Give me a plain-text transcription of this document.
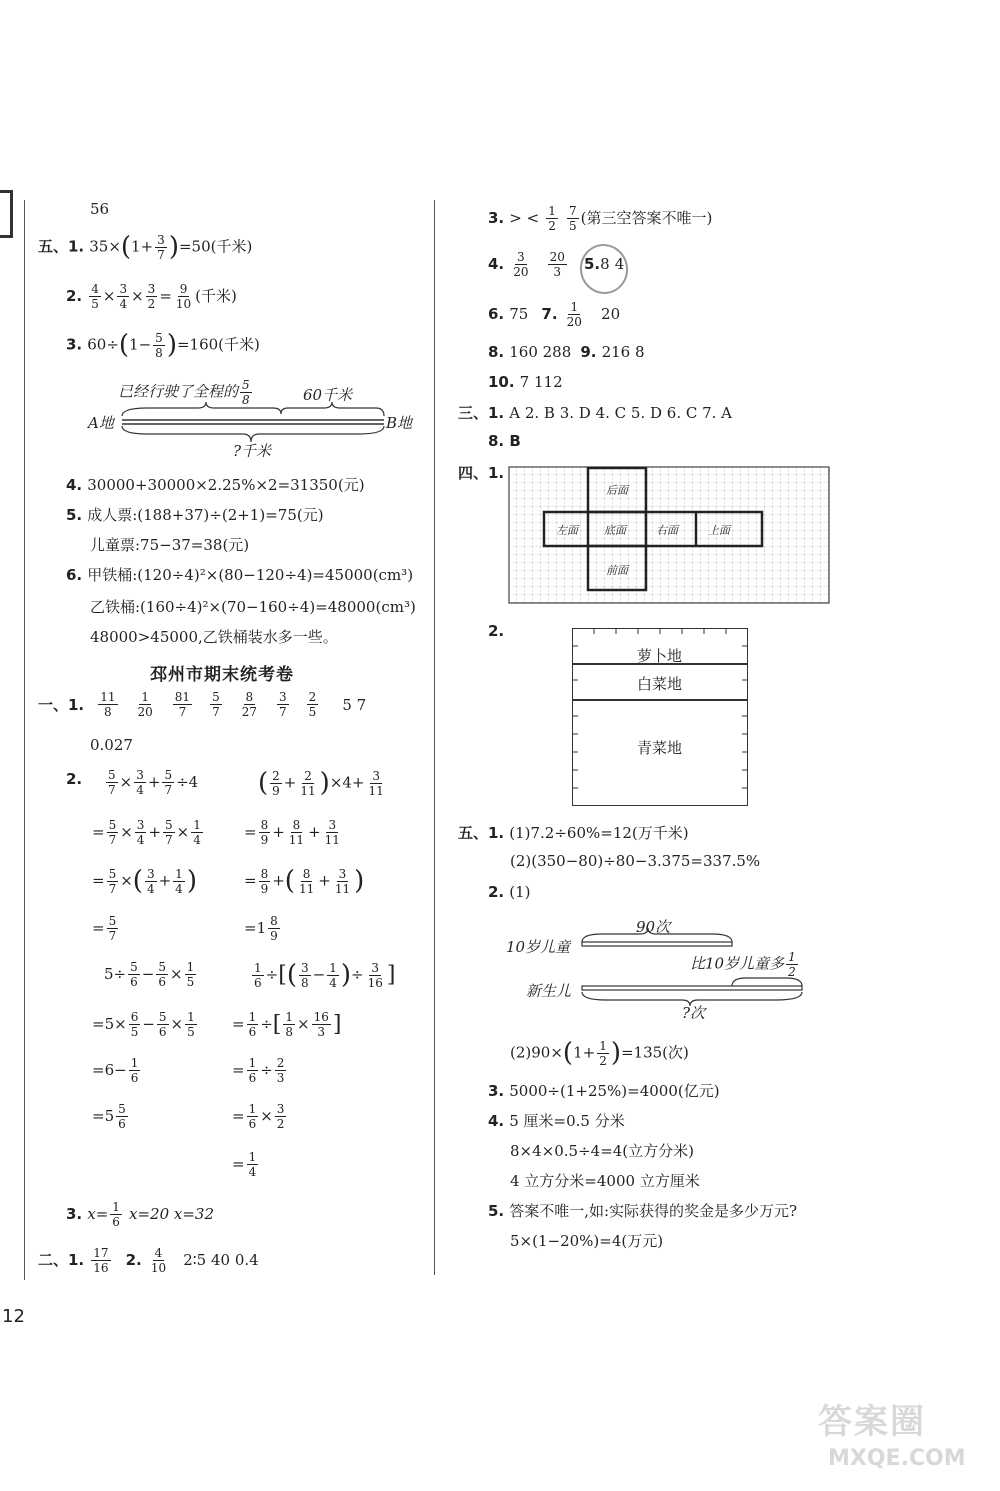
56
五、1. $35\times(1+ \frac{3}{7} )=50$(千米)
2. $\frac{4}{5} \times \frac{3}{4} \times \frac{3}{2} = \frac{9}{10}$ (千米)
3. $60\div(1- \frac{5}{8} )=160$(千米)
已经行驶了全程的 $\frac{5}{8}$	60千米
A地	B地
?千米
4. 30000+30000×2.25%×2=31350(元)
5. 成人票:(188+37)÷(2+1)=75(元)
儿童票:75−37=38(元)
6. 甲铁桶:(120÷4)²×(80−120÷4)=45000(cm³)
乙铁桶:(160÷4)²×(70−160÷4)=48000(cm³)
48000>45000,乙铁桶装水多一些。
邳州市期末统考卷
一、1. $\frac{11}{8} \frac{1}{20} \frac{81}{7} \frac{5}{7} \frac{8}{27} \frac{3}{7} \frac{2}{5} 5$ 7
0.027
2. $\frac{5}{7} \times \frac{3}{4} + \frac{5}{7} \div 4$ ( $\frac{2}{9} + \frac{2}{11} )\times 4+ \frac{3}{11}$
= $\frac{5}{7} \times \frac{3}{4} + \frac{5}{7} \times \frac{1}{4}$	= $\frac{8}{9} + \frac{8}{11} + \frac{3}{11}$
= $\frac{5}{7}$ ×( $\frac{3}{4} + \frac{1}{4}$ )	= $\frac{8}{9}$ +( $\frac{8}{11} + \frac{3}{11}$ )
= $\frac{5}{7}$	$=1 \frac{8}{9}$
$5\div \frac{5}{6} - \frac{5}{6} \times \frac{1}{5}$	$\frac{1}{6}$ ÷[( $\frac{3}{8} - \frac{1}{4}$ )÷ $\frac{3}{16}$ ]
$=5\times \frac{6}{5} - \frac{5}{6} \times \frac{1}{5} = \frac{1}{6}$ ÷[ $\frac{1}{8} \times \frac{16}{3}$ ]
$=6- \frac{1}{6}$	= $\frac{1}{6} \div \frac{2}{3}$
$=5 \frac{5}{6}$	= $\frac{1}{6} \times \frac{3}{2}$
= $\frac{1}{4}$
3. $x= \frac{1}{6} x=20$ x=32
二、1. $\frac{17}{16} 2$. $\frac{4}{10}$ 2∶5 40 0.4
12
3. > < $\frac{1}{2}$
$\frac{7}{5}$ (第三空答案不唯一)
4. $\frac{3}{20}$
$\frac{20}{3} 5.8$ 4
6. 75 7. $\frac{1}{20} 20$
8. 160 288 9. 216 8
10. 7 112
三、1. A 2. B 3. D 4. C 5. D 6. C 7. A
8. B
四、1.
后面
左面 底面	右面	上面
前面
2.
萝卜地
白菜地
青菜地
五、1. (1)7.2÷60%=12(万千米)
(2)(350−80)÷80−3.375=337.5%
2. (1)
90次
10岁儿童
比10岁儿童多 $\frac{1}{2}$
新生儿
?次
$(2)90\times(1+ \frac{1}{2} )=135$(次)
3. 5000÷(1+25%)=4000(亿元)
4. 5 厘米=0.5 分米
8×4×0.5÷4=4(立方分米)
4 立方分米=4000 立方厘米
5. 答案不唯一,如:实际获得的奖金是多少万元?
5×(1−20%)=4(万元)
答案圈
MXQE.COM
